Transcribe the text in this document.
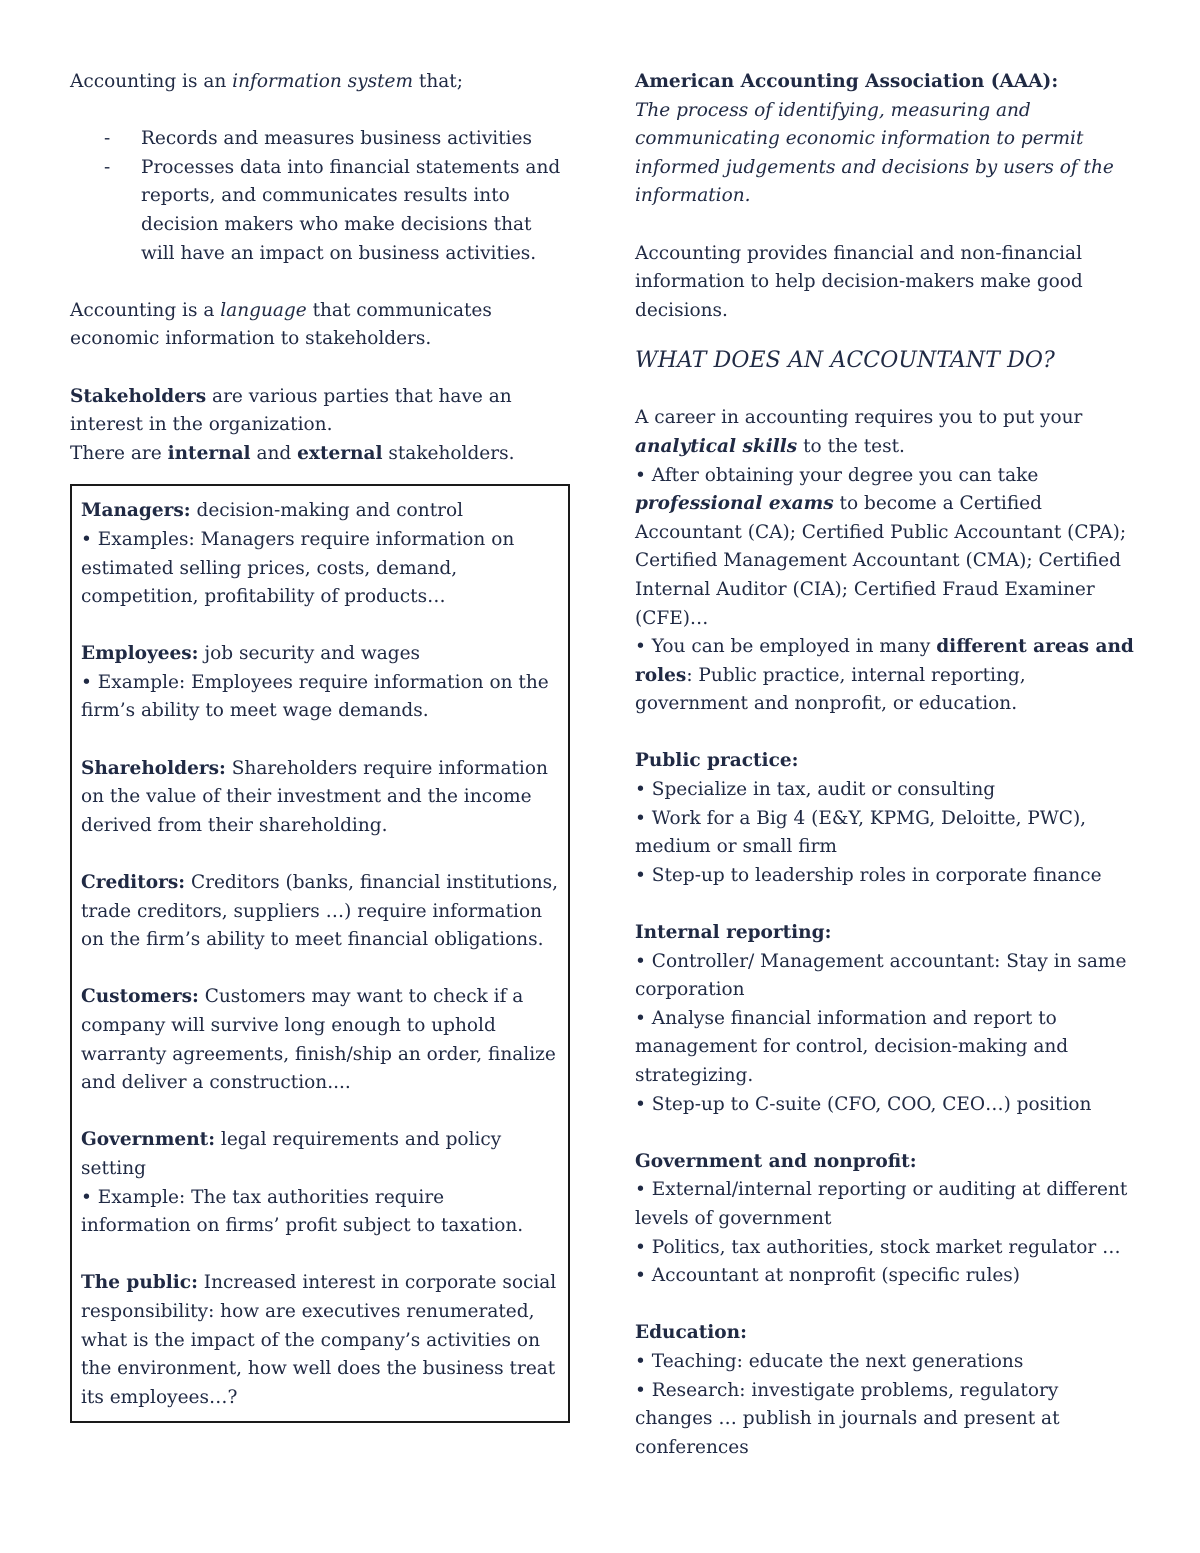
Accounting is an information system that;

- Records and measures business activities
- Processes data into financial statements and reports, and communicates results into decision makers who make decisions that will have an impact on business activities.

Accounting is a language that communicates economic information to stakeholders.

Stakeholders are various parties that have an interest in the organization.

There are internal and external stakeholders.

Managers: decision-making and control
• Examples: Managers require information on estimated selling prices, costs, demand, competition, profitability of products…

Employees: job security and wages
• Example: Employees require information on the firm’s ability to meet wage demands.

Shareholders: Shareholders require information on the value of their investment and the income derived from their shareholding.

Creditors: Creditors (banks, financial institutions, trade creditors, suppliers …) require information on the firm’s ability to meet financial obligations.

Customers: Customers may want to check if a company will survive long enough to uphold warranty agreements, finish/ship an order, finalize and deliver a construction....

Government: legal requirements and policy setting
• Example: The tax authorities require information on firms’ profit subject to taxation.

The public: Increased interest in corporate social responsibility: how are executives renumerated, what is the impact of the company’s activities on the environment, how well does the business treat its employees…?

American Accounting Association (AAA):

The process of identifying, measuring and communicating economic information to permit informed judgements and decisions by users of the information.

Accounting provides financial and non-financial information to help decision-makers make good decisions.

WHAT DOES AN ACCOUNTANT DO?

A career in accounting requires you to put your analytical skills to the test.

• After obtaining your degree you can take professional exams to become a Certified Accountant (CA); Certified Public Accountant (CPA); Certified Management Accountant (CMA); Certified Internal Auditor (CIA); Certified Fraud Examiner (CFE)…

• You can be employed in many different areas and roles: Public practice, internal reporting, government and nonprofit, or education.

Public practice:

• Specialize in tax, audit or consulting

• Work for a Big 4 (E&Y, KPMG, Deloitte, PWC), medium or small firm

• Step-up to leadership roles in corporate finance

Internal reporting:

• Controller/ Management accountant: Stay in same corporation

• Analyse financial information and report to management for control, decision-making and strategizing.

• Step-up to C-suite (CFO, COO, CEO…) position

Government and nonprofit:

• External/internal reporting or auditing at different levels of government

• Politics, tax authorities, stock market regulator …

• Accountant at nonprofit (specific rules)

Education:

• Teaching: educate the next generations

• Research: investigate problems, regulatory changes … publish in journals and present at conferences
